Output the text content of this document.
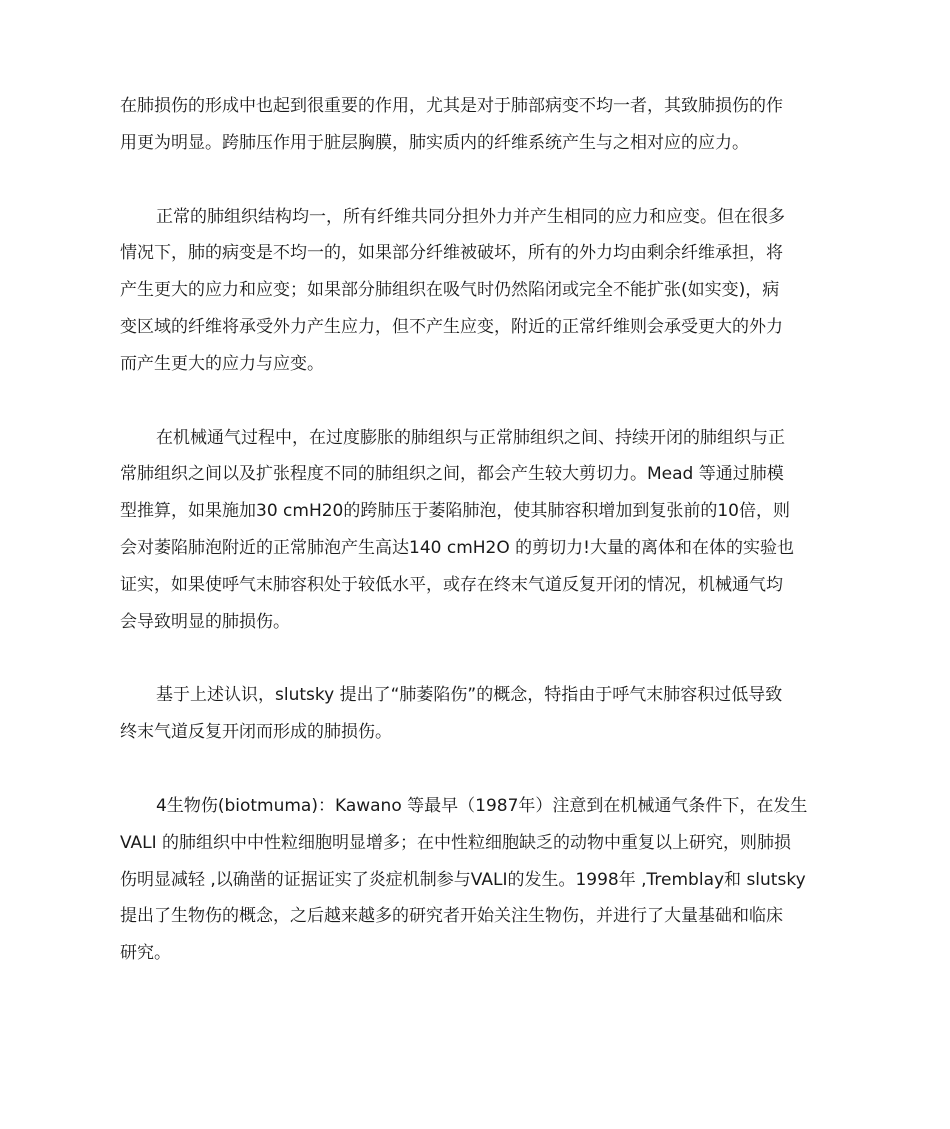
在肺损伤的形成中也起到很重要的作用，尤其是对于肺部病变不均一者，其致肺损伤的作
用更为明显。跨肺压作用于脏层胸膜，肺实质内的纤维系统产生与之相对应的应力。

正常的肺组织结构均一，所有纤维共同分担外力并产生相同的应力和应变。但在很多
情况下，肺的病变是不均一的，如果部分纤维被破坏，所有的外力均由剩余纤维承担，将
产生更大的应力和应变；如果部分肺组织在吸气时仍然陷闭或完全不能扩张(如实变)，病
变区域的纤维将承受外力产生应力，但不产生应变，附近的正常纤维则会承受更大的外力
而产生更大的应力与应变。

在机械通气过程中，在过度膨胀的肺组织与正常肺组织之间、持续开闭的肺组织与正
常肺组织之间以及扩张程度不同的肺组织之间，都会产生较大剪切力。Mead 等通过肺模
型推算，如果施加30 cmH20的跨肺压于萎陷肺泡，使其肺容积增加到复张前的10倍，则
会对萎陷肺泡附近的正常肺泡产生高达140 cmH2O 的剪切力!大量的离体和在体的实验也
证实，如果使呼气末肺容积处于较低水平，或存在终末气道反复开闭的情况，机械通气均
会导致明显的肺损伤。

基于上述认识，slutsky 提出了“肺萎陷伤”的概念，特指由于呼气末肺容积过低导致
终末气道反复开闭而形成的肺损伤。

4生物伤(biotmuma)：Kawano 等最早（1987年）注意到在机械通气条件下，在发生
VALI 的肺组织中中性粒细胞明显增多；在中性粒细胞缺乏的动物中重复以上研究，则肺损
伤明显减轻 ,以确凿的证据证实了炎症机制参与VALI的发生。1998年 ,Tremblay和 slutsky
提出了生物伤的概念，之后越来越多的研究者开始关注生物伤，并进行了大量基础和临床
研究。
